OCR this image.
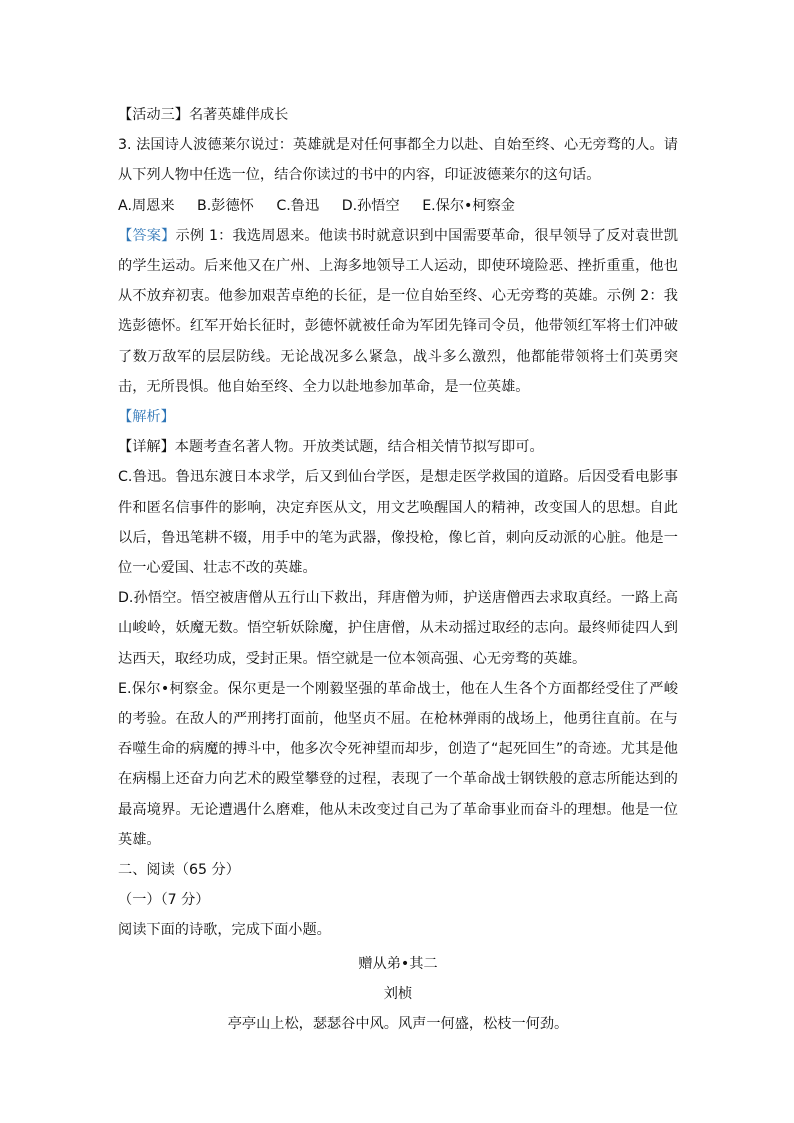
【活动三】名著英雄伴成长

3. 法国诗人波德莱尔说过：英雄就是对任何事都全力以赴、自始至终、心无旁骛的人。请从下列人物中任选一位，结合你读过的书中的内容，印证波德莱尔的这句话。

A.周恩来 B.彭德怀 C.鲁迅 D.孙悟空 E.保尔•柯察金

【答案】示例 1：我选周恩来。他读书时就意识到中国需要革命，很早领导了反对袁世凯的学生运动。后来他又在广州、上海多地领导工人运动，即使环境险恶、挫折重重，他也从不放弃初衷。他参加艰苦卓绝的长征，是一位自始至终、心无旁骛的英雄。示例 2：我选彭德怀。红军开始长征时，彭德怀就被任命为军团先锋司令员，他带领红军将士们冲破了数万敌军的层层防线。无论战况多么紧急，战斗多么激烈，他都能带领将士们英勇突击，无所畏惧。他自始至终、全力以赴地参加革命，是一位英雄。

【解析】

【详解】本题考查名著人物。开放类试题，结合相关情节拟写即可。

C.鲁迅。鲁迅东渡日本求学，后又到仙台学医，是想走医学救国的道路。后因受看电影事件和匿名信事件的影响，决定弃医从文，用文艺唤醒国人的精神，改变国人的思想。自此以后，鲁迅笔耕不辍，用手中的笔为武器，像投枪，像匕首，刺向反动派的心脏。他是一位一心爱国、壮志不改的英雄。

D.孙悟空。悟空被唐僧从五行山下救出，拜唐僧为师，护送唐僧西去求取真经。一路上高山峻岭，妖魔无数。悟空斩妖除魔，护住唐僧，从未动摇过取经的志向。最终师徒四人到达西天，取经功成，受封正果。悟空就是一位本领高强、心无旁骛的英雄。

E.保尔•柯察金。保尔更是一个刚毅坚强的革命战士，他在人生各个方面都经受住了严峻的考验。在敌人的严刑拷打面前，他坚贞不屈。在枪林弹雨的战场上，他勇往直前。在与吞噬生命的病魔的搏斗中，他多次令死神望而却步，创造了“起死回生”的奇迹。尤其是他在病榻上还奋力向艺术的殿堂攀登的过程，表现了一个革命战士钢铁般的意志所能达到的最高境界。无论遭遇什么磨难，他从未改变过自己为了革命事业而奋斗的理想。他是一位英雄。

二、阅读（65 分）

（一）（7 分）

阅读下面的诗歌，完成下面小题。

赠从弟•其二

刘桢

亭亭山上松，瑟瑟谷中风。风声一何盛，松枝一何劲。
